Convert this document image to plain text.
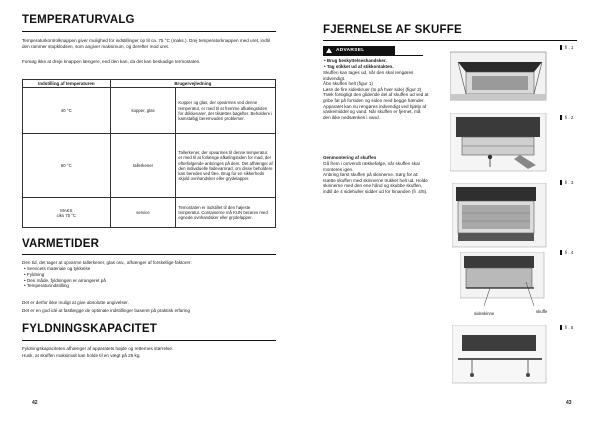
TEMPERATURVALG

Temperaturkontrolknappen giver mulighed for indstillinger op til ca. 75 °C (maks.). Drej temperaturknappen med uret, indtil den rammer stopklodsen, som angiver maksimum, og derefter mod uret.

Forsøg ikke at dreje knappen længere, end den kan, da det kan beskadige termostaten.

Indstilling af temperaturen	Brugervejledning	
40 °C	kopper, glas	Kopper og glas, der opvarmes ved denne temperatur, er med til at fremme afkølingstiden for drikkevarer, der tilsættes bagefter. Beholdere i kamstøbgj beremvuden problemer.
60 °C	tallerkener	Tallerkener, der opvarmes til denne temperatur, er med til at forlænge afkølingstiden for mad, der efterfølgende anbringes på dem. Det afhænger af den individuelle fødevarnrød, om disse beholdere kan beredes ved fæe. Brug for en sikkerheds skjold ovnhandsker eller grydelapper.
MAKS
ciks 75 °C	service	Temostaten er indstillet til den højeste temperatur. Containerne må KUN berøres med egnede ovnhandsker eller grydelapper.
VARMETIDER

Den tid, det tager at opvarme tallerkener, glas osv., afhænger af forskellige faktorer:

• Servicets materiale og tykkelse
• Fyldning
• Den måde, fyldningen er arrangeret på
• Temperaturindstilling

Det er derfor ikke muligt at give absolutte angivelser.

Det er en god idé at fastlægge de optimale indstillinger baseret på praktisk erfaring

FYLDNINGSKAPACITET

Fyldningskapaciteten afhænger af apparatets højde og retternes størrelse.

Husk, at skuffen maksimalt kan holde til en vægt på 25 kg.

42
FJERNELSE AF SKUFFE
ADVARSEL
• Brug beskyttelseshandsker.
• Tag stikket ud af stikkontakten.

Skuffen kan tages ud, når den skal rengøres indvendigt.

Åbn skuffen helt (figur 1)

Løsn de fire sideskruer (to på hver side) (figur 2)

Træk forsigtigt den glidende del af skuffen ud ved at gribe fat på forsiden og siden med begge hænder.

Apparatet kan nu rengøres indvendigt ved hjælp af vaskemiddel og vand. Når skuffen er fjernet, må den ikke nedsænkes i vand.

Genmontering af skuffen

Gå frem i omvendt rækkefølge, når skuffen skal monteres igen.

Anbring først skuffen på skinnerne. Sørg for at: Isætte skuffen med skinnerne trukket helt ud. Holde skinnerne med den ene hånd og skubbe skuffen, indtil de 4 sidehuller sidder ud for hinanden (fi .4/5).

fi . 1
fi . 2
fi . 3
sideskinne	skuffe
fi . 4
fi . 5
43
